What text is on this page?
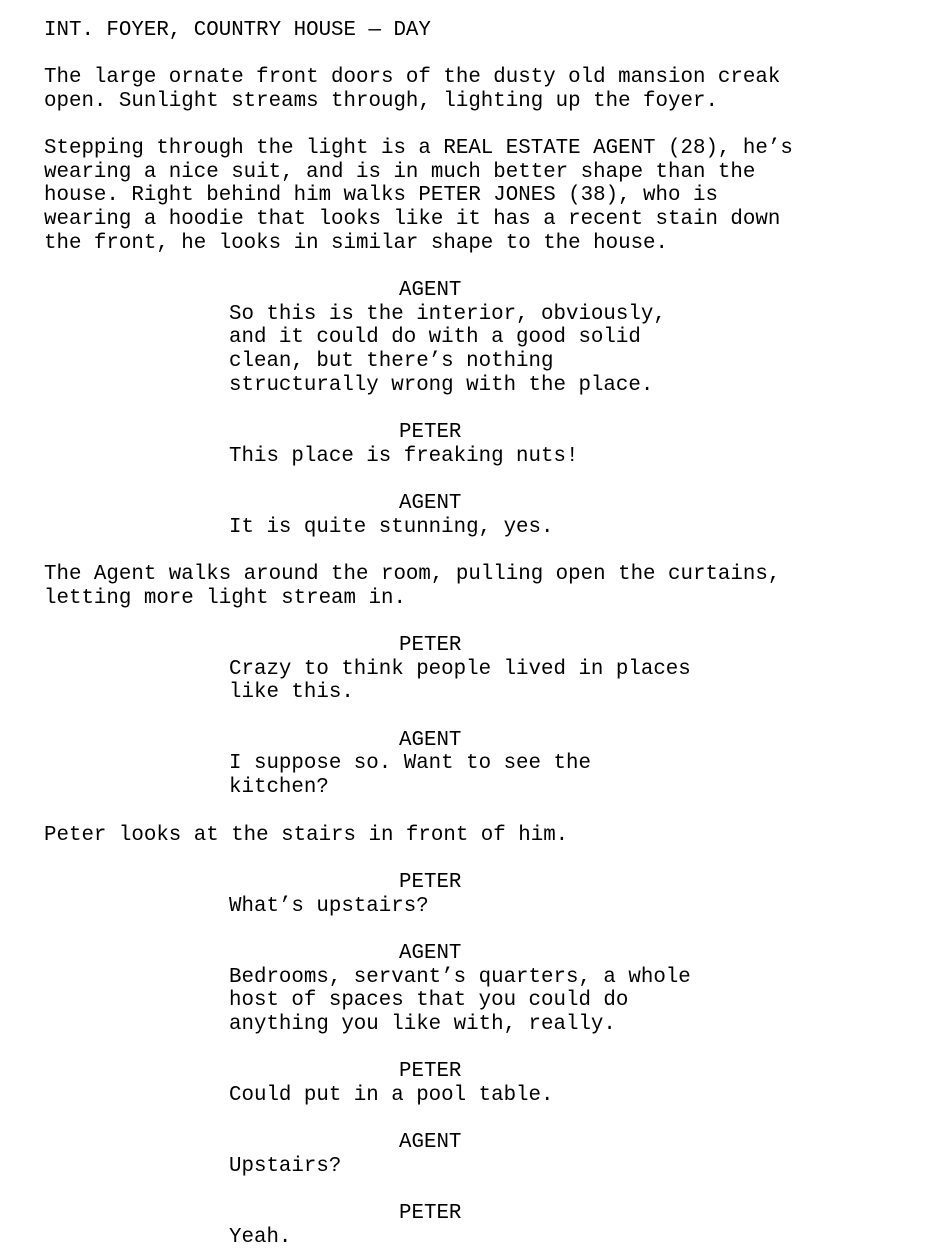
INT. FOYER, COUNTRY HOUSE — DAY
The large ornate front doors of the dusty old mansion creak
open. Sunlight streams through, lighting up the foyer.
Stepping through the light is a REAL ESTATE AGENT (28), he’s
wearing a nice suit, and is in much better shape than the
house. Right behind him walks PETER JONES (38), who is
wearing a hoodie that looks like it has a recent stain down
the front, he looks in similar shape to the house.
AGENT
So this is the interior, obviously,
and it could do with a good solid
clean, but there’s nothing
structurally wrong with the place.
PETER
This place is freaking nuts!
AGENT
It is quite stunning, yes.
The Agent walks around the room, pulling open the curtains,
letting more light stream in.
PETER
Crazy to think people lived in places
like this.
AGENT
I suppose so. Want to see the
kitchen?
Peter looks at the stairs in front of him.
PETER
What’s upstairs?
AGENT
Bedrooms, servant’s quarters, a whole
host of spaces that you could do
anything you like with, really.
PETER
Could put in a pool table.
AGENT
Upstairs?
PETER
Yeah.
